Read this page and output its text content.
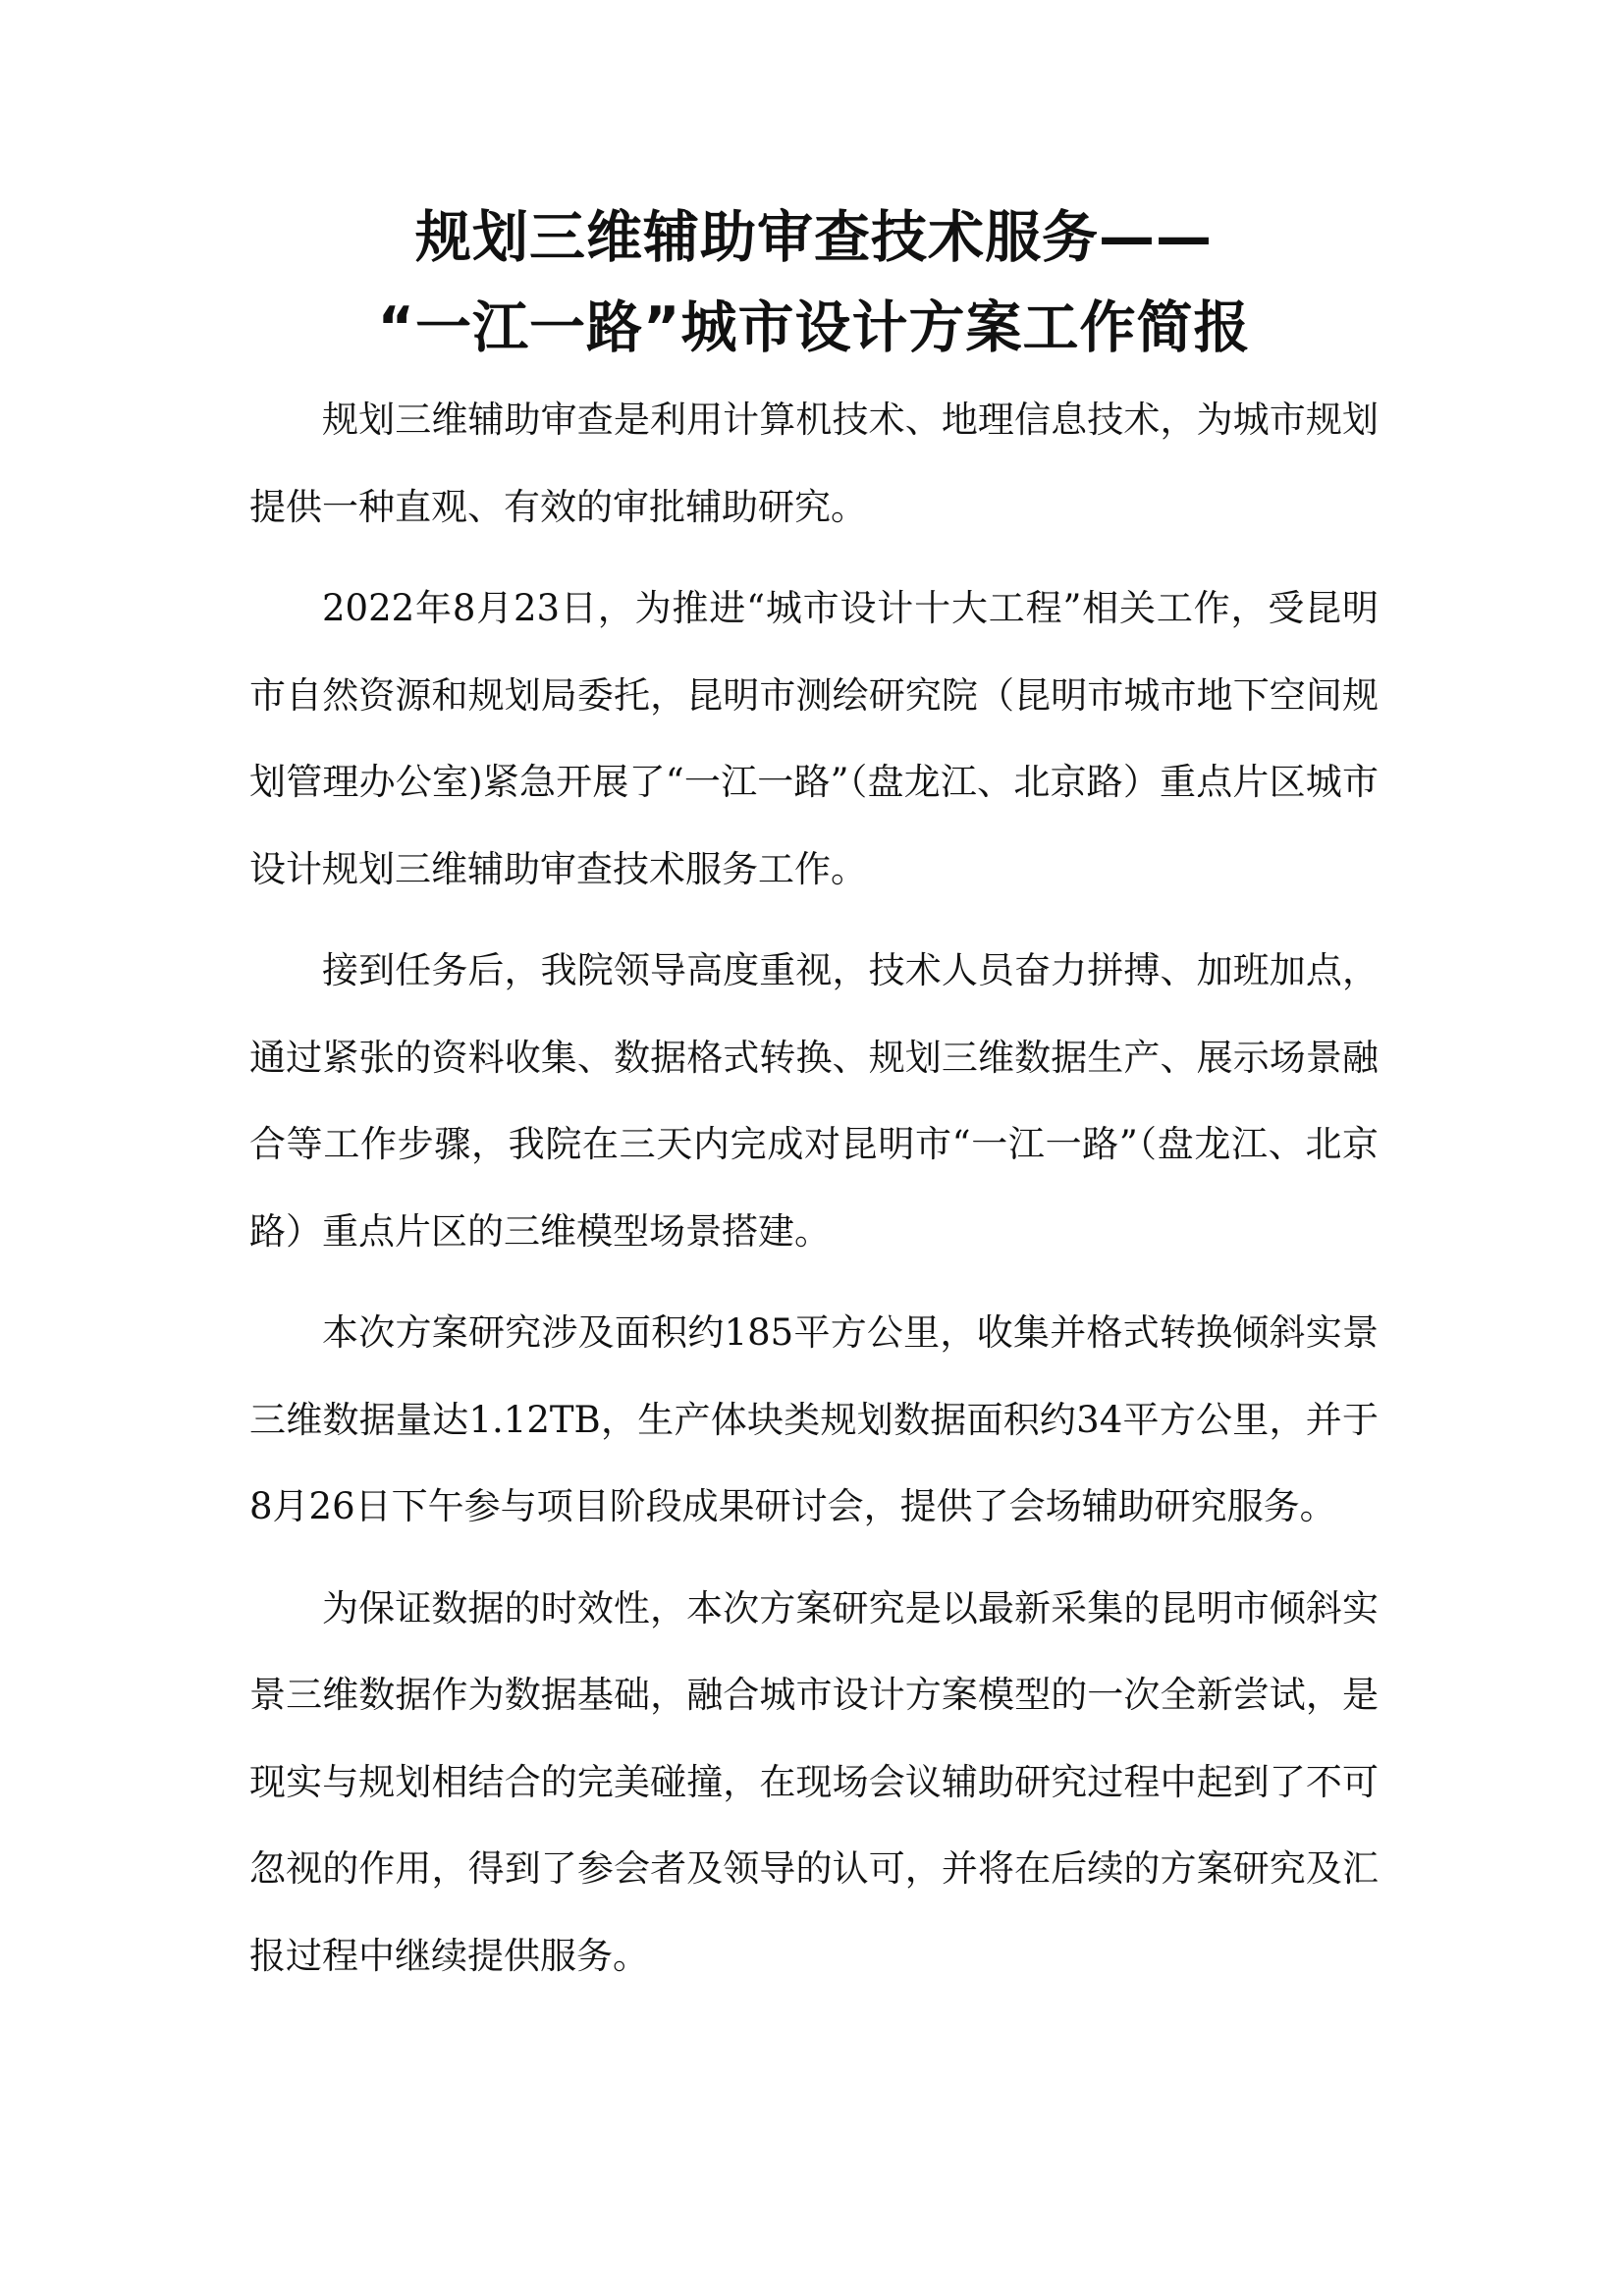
规划三维辅助审查技术服务——
“一江一路”城市设计方案工作简报

规划三维辅助审查是利用计算机技术、地理信息技术，为城市规划提供一种直观、有效的审批辅助研究。

2022年8月23日，为推进“城市设计十大工程”相关工作，受昆明市自然资源和规划局委托，昆明市测绘研究院（昆明市城市地下空间规划管理办公室)紧急开展了“一江一路”（盘龙江、北京路）重点片区城市设计规划三维辅助审查技术服务工作。

接到任务后，我院领导高度重视，技术人员奋力拼搏、加班加点，通过紧张的资料收集、数据格式转换、规划三维数据生产、展示场景融合等工作步骤，我院在三天内完成对昆明市“一江一路”（盘龙江、北京路）重点片区的三维模型场景搭建。

本次方案研究涉及面积约185平方公里，收集并格式转换倾斜实景三维数据量达1.12TB，生产体块类规划数据面积约34平方公里，并于8月26日下午参与项目阶段成果研讨会，提供了会场辅助研究服务。

为保证数据的时效性，本次方案研究是以最新采集的昆明市倾斜实景三维数据作为数据基础，融合城市设计方案模型的一次全新尝试，是现实与规划相结合的完美碰撞，在现场会议辅助研究过程中起到了不可忽视的作用，得到了参会者及领导的认可，并将在后续的方案研究及汇报过程中继续提供服务。
